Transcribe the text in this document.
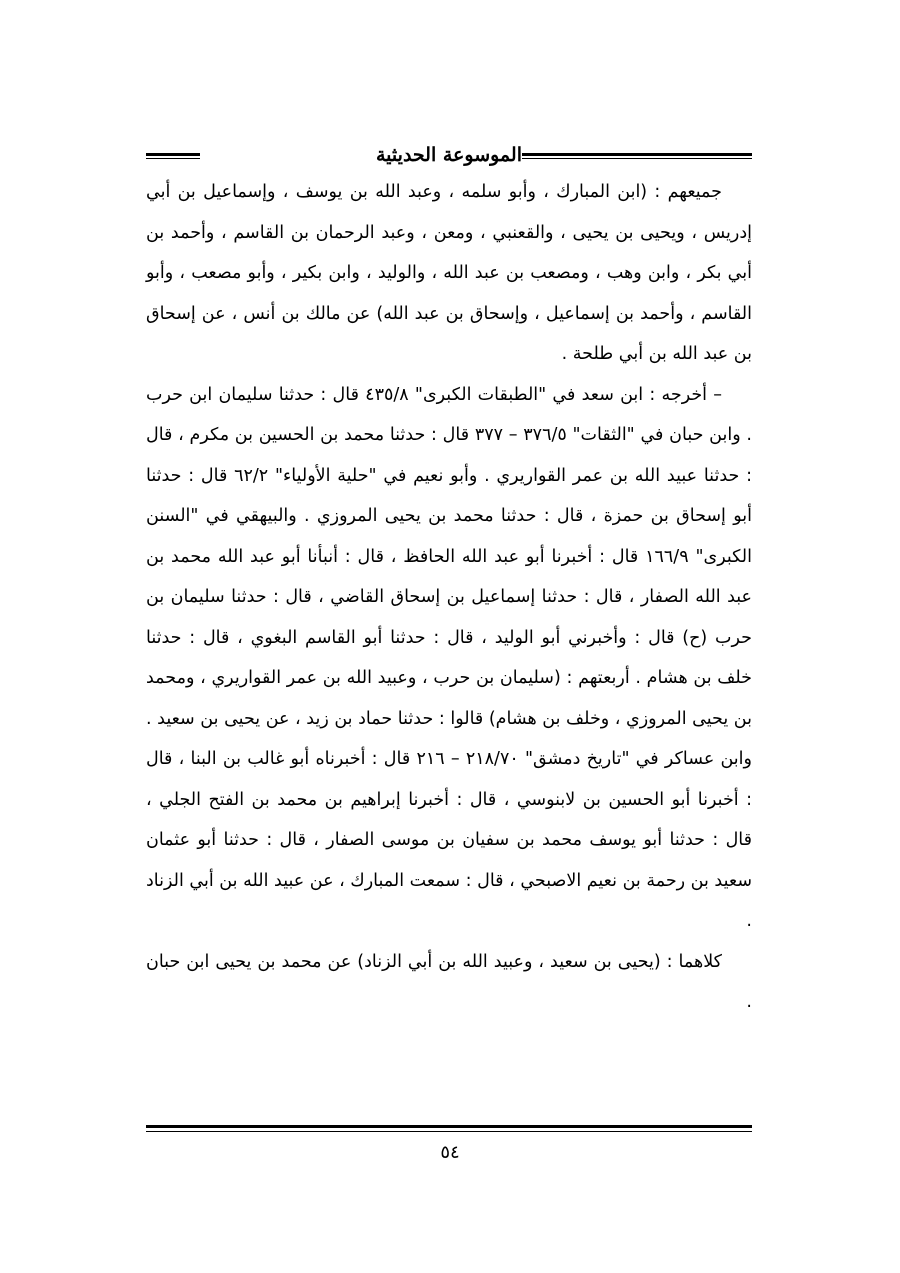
الموسوعة الحديثية

جميعهم : (ابن المبارك ، وأبو سلمه ، وعبد الله بن يوسف ، وإسماعيل بن أبي إدريس ، ويحيى بن يحيى ، والقعنبي ، ومعن ، وعبد الرحمان بن القاسم ، وأحمد بن أبي بكر ، وابن وهب ، ومصعب بن عبد الله ، والوليد ، وابن بكير ، وأبو مصعب ، وأبو القاسم ، وأحمد بن إسماعيل ، وإسحاق بن عبد الله) عن مالك بن أنس ، عن إسحاق بن عبد الله بن أبي طلحة .

– أخرجه : ابن سعد في "الطبقات الكبرى" ٤٣٥/٨ قال : حدثنا سليمان ابن حرب . وابن حبان في "الثقات" ٣٧٦/٥ – ٣٧٧ قال : حدثنا محمد بن الحسين بن مكرم ، قال : حدثنا عبيد الله بن عمر القواريري . وأبو نعيم في "حلية الأولياء" ٦٢/٢ قال : حدثنا أبو إسحاق بن حمزة ، قال : حدثنا محمد بن يحيى المروزي . والبيهقي في "السنن الكبرى" ١٦٦/٩ قال : أخبرنا أبو عبد الله الحافظ ، قال : أنبأنا أبو عبد الله محمد بن عبد الله الصفار ، قال : حدثنا إسماعيل بن إسحاق القاضي ، قال : حدثنا سليمان بن حرب (ح) قال : وأخبرني أبو الوليد ، قال : حدثنا أبو القاسم البغوي ، قال : حدثنا خلف بن هشام . أربعتهم : (سليمان بن حرب ، وعبيد الله بن عمر القواريري ، ومحمد بن يحيى المروزي ، وخلف بن هشام) قالوا : حدثنا حماد بن زيد ، عن يحيى بن سعيد . وابن عساكر في "تاريخ دمشق" ٢١٨/٧٠ – ٢١٦ قال : أخبرناه أبو غالب بن البنا ، قال : أخبرنا أبو الحسين بن لابنوسي ، قال : أخبرنا إبراهيم بن محمد بن الفتح الجلي ، قال : حدثنا أبو يوسف محمد بن سفيان بن موسى الصفار ، قال : حدثنا أبو عثمان سعيد بن رحمة بن نعيم الاصبحي ، قال : سمعت المبارك ، عن عبيد الله بن أبي الزناد .

كلاهما : (يحيى بن سعيد ، وعبيد الله بن أبي الزناد) عن محمد بن يحيى ابن حبان .

٥٤
